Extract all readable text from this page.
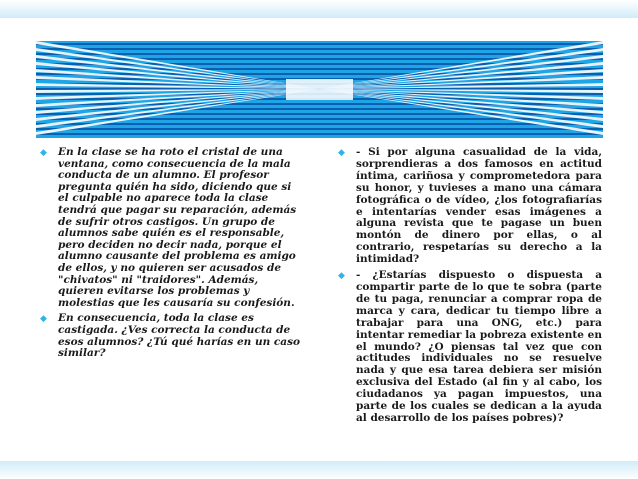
◆ En la clase se ha roto el cristal de una ventana, como consecuencia de la mala conducta de un alumno. El profesor pregunta quién ha sido, diciendo que si el culpable no aparece toda la clase tendrá que pagar su reparación, además de sufrir otros castigos. Un grupo de alumnos sabe quién es el responsable, pero deciden no decir nada, porque el alumno causante del problema es amigo de ellos, y no quieren ser acusados de "chivatos" ni "traidores". Además, quieren evitarse los problemas y molestias que les causaría su confesión.
◆ En consecuencia, toda la clase es castigada. ¿Ves correcta la conducta de esos alumnos? ¿Tú qué harías en un caso similar?
◆ - Si por alguna casualidad de la vida, sorprendieras a dos famosos en actitud íntima, cariñosa y comprometedora para su honor, y tuvieses a mano una cámara fotográfica o de vídeo, ¿los fotografiarías e intentarías vender esas imágenes a alguna revista que te pagase un buen montón de dinero por ellas, o al contrario, respetarías su derecho a la intimidad?
◆ - ¿Estarías dispuesto o dispuesta a compartir parte de lo que te sobra (parte de tu paga, renunciar a comprar ropa de marca y cara, dedicar tu tiempo libre a trabajar para una ONG, etc.) para intentar remediar la pobreza existente en el mundo? ¿O piensas tal vez que con actitudes individuales no se resuelve nada y que esa tarea debiera ser misión exclusiva del Estado (al fin y al cabo, los ciudadanos ya pagan impuestos, una parte de los cuales se dedican a la ayuda al desarrollo de los países pobres)?
